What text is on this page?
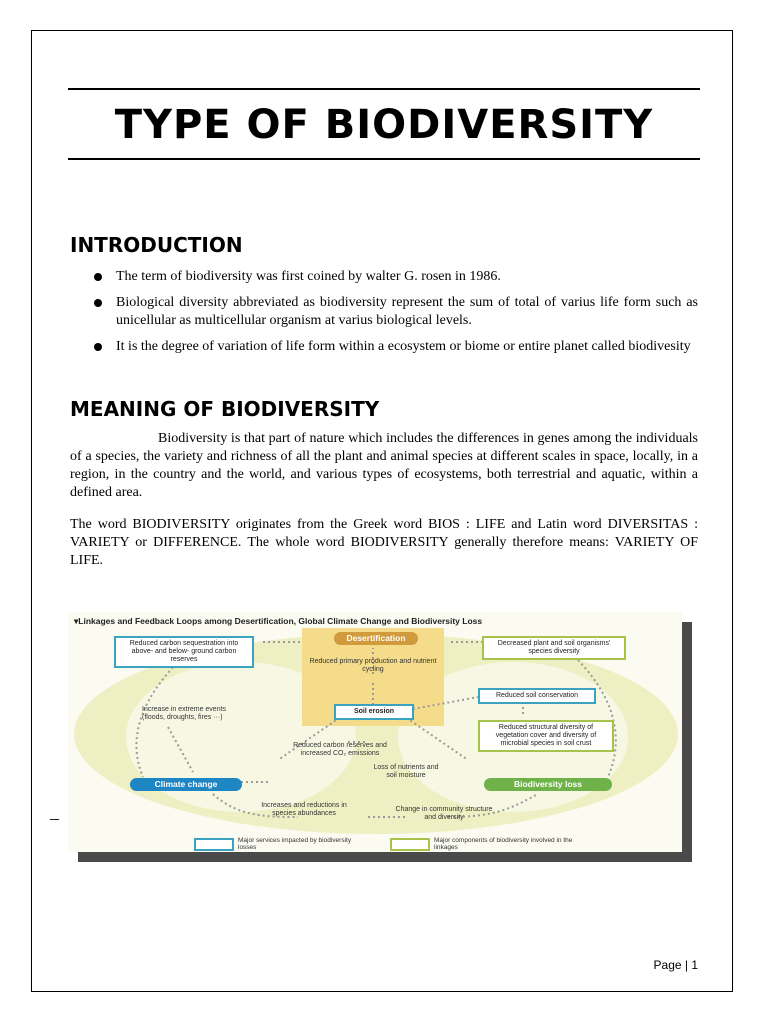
TYPE OF BIODIVERSITY
INTRODUCTION
The term of biodiversity was first coined by walter G. rosen in 1986.
Biological diversity abbreviated as biodiversity represent the sum of total of varius life form such as unicellular as multicellular organism at varius biological levels.
It is the degree of variation of life form within a ecosystem or biome or entire planet called biodivesity
MEANING OF BIODIVERSITY

Biodiversity is that part of nature which includes the differences in genes among the individuals of a species, the variety and richness of all the plant and animal species at different scales in space, locally, in a region, in the country and the world, and various types of ecosystems, both terrestrial and aquatic, within a defined area.

The word BIODIVERSITY originates from the Greek word BIOS : LIFE and Latin word DIVERSITAS : VARIETY or DIFFERENCE. The whole word BIODIVERSITY generally therefore means: VARIETY OF LIFE.

–
▾Linkages and Feedback Loops among Desertification, Global Climate Change and Biodiversity Loss
Desertification
Reduced primary production and nutrient cycling
Soil erosion
Reduced carbon sequestration into above- and below- ground carbon reserves
Decreased plant and soil organisms' species diversity
Reduced soil conservation
Reduced structural diversity of vegetation cover and diversity of microbial species in soil crust
Increase in extreme events (floods, droughts, fires ···)
Reduced carbon reserves and increased CO₂ emissions
Loss of nutrients and soil moisture
Climate change	Biodiversity loss
Increases and reductions in species abundances
Change in community structure and diversity
Major services impacted by biodiversity losses
Major components of biodiversity involved in the linkages
Page | 1
